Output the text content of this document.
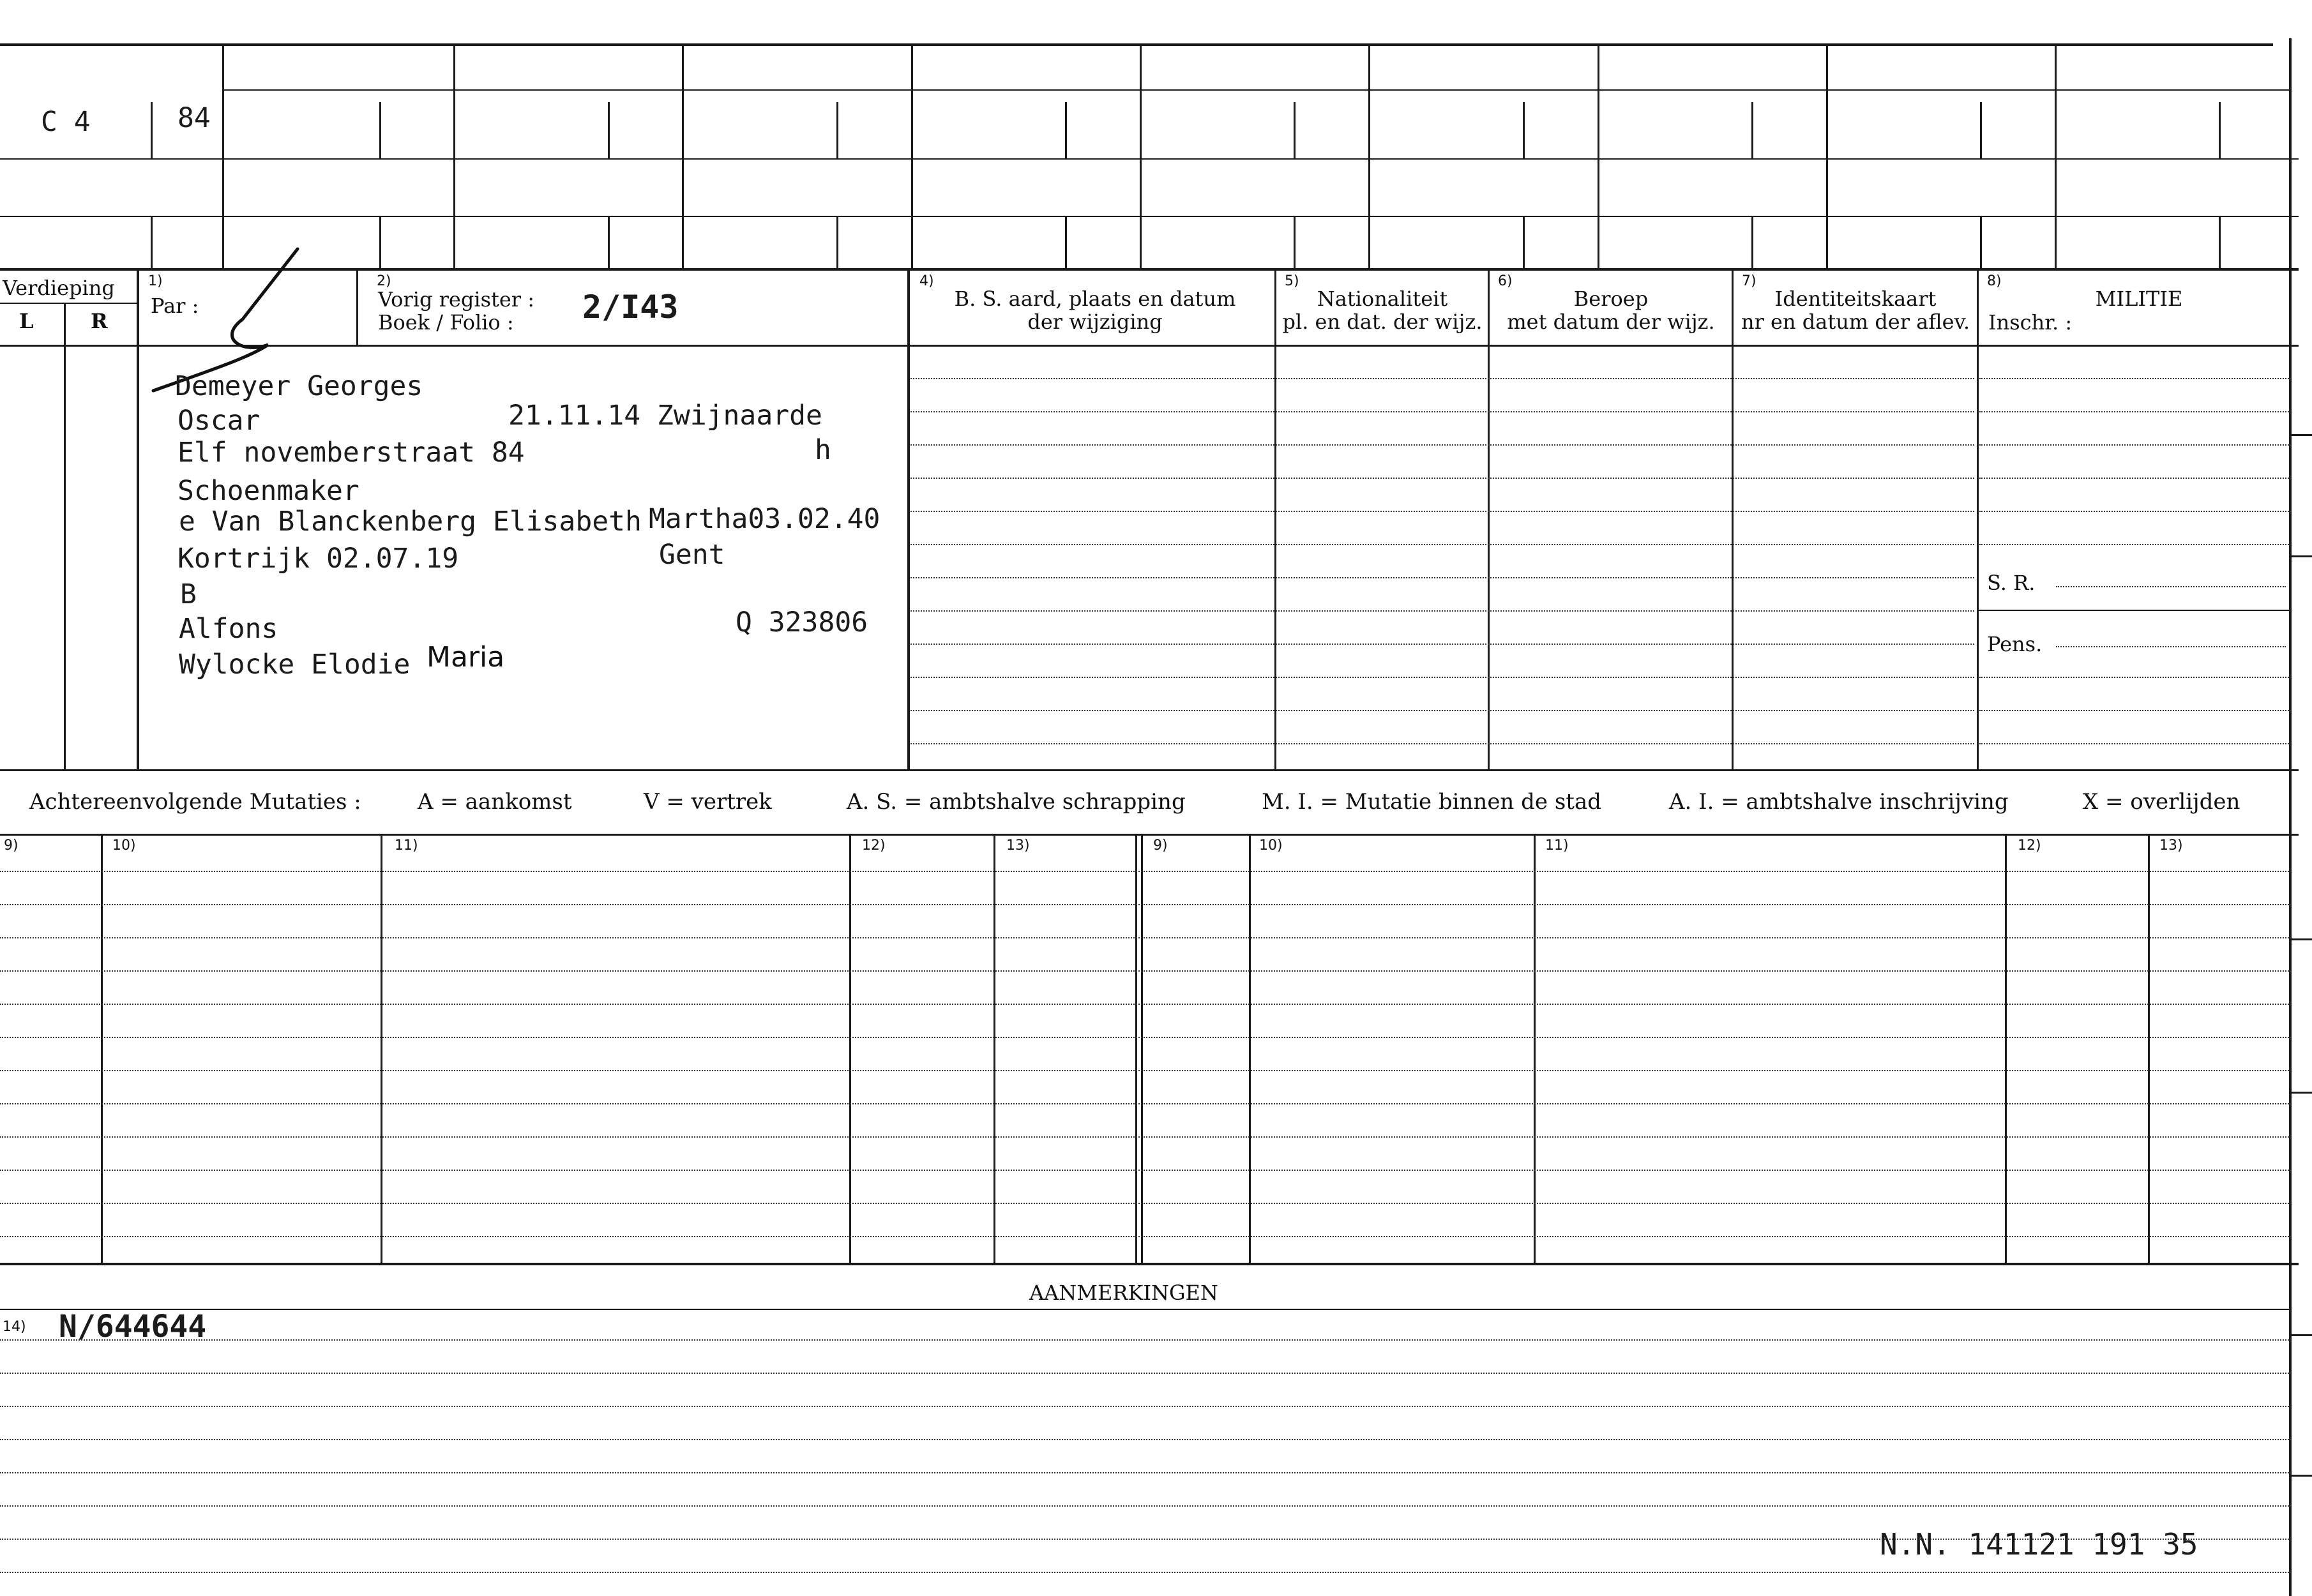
C 4	84
Verdieping
L	R
1)
Par :
2)
Vorig register :
Boek / Folio : 2/I43
4)
B. S. aard, plaats en datum
der wijziging
5)
Nationaliteit
pl. en dat. der wijz.
6)
Beroep
met datum der wijz.
7)
Identiteitskaart
nr en datum der aflev.
8)
MILITIE
Inschr. :
S. R.
Pens.
Demeyer Georges
Oscar	21.11.14 Zwijnaarde
Elf novemberstraat 84	h
Schoenmaker
e Van Blanckenberg Elisabeth Martha03.02.40
Kortrijk 02.07.19	Gent
B
Alfons	Q 323806
Wylocke Elodie Maria
Achtereenvolgende Mutaties :	A = aankomst	V = vertrek	A. S. = ambtshalve schrapping	M. I. = Mutatie binnen de stad	A. I. = ambtshalve inschrijving	X = overlijden
9)	10)	11)	12)	13)	9)	10)	11)	12)	13)
AANMERKINGEN
14) N/644644
N.N. 141121 191 35
